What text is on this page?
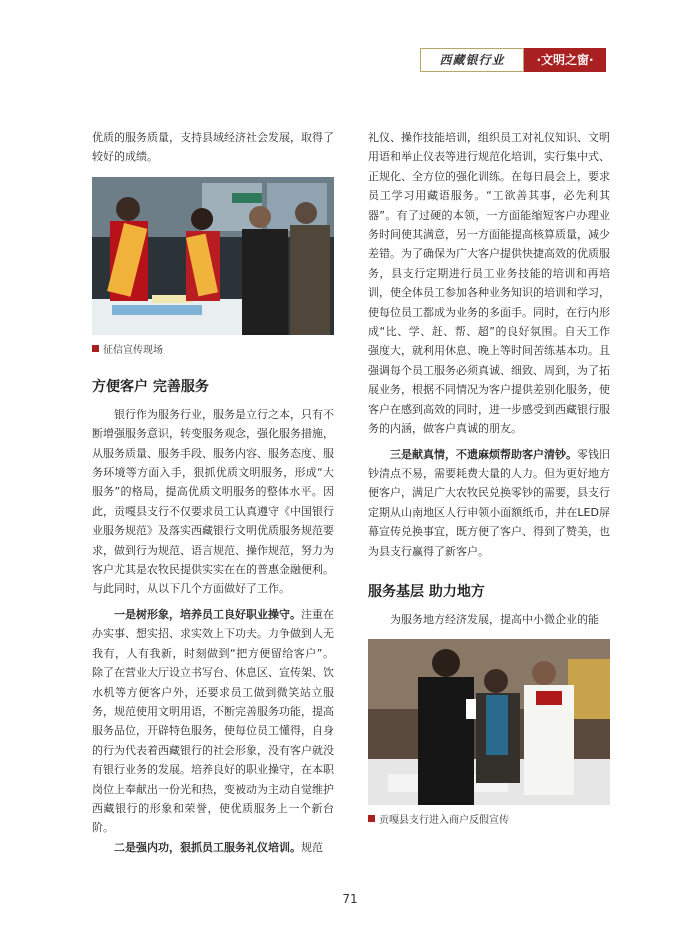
西藏银行业	·文明之窗·

优质的服务质量，支持县域经济社会发展，取得了较好的成绩。

征信宣传现场
方便客户 完善服务

银行作为服务行业，服务是立行之本，只有不断增强服务意识，转变服务观念，强化服务措施，从服务质量、服务手段、服务内容、服务态度、服务环境等方面入手，狠抓优质文明服务，形成“大服务”的格局，提高优质文明服务的整体水平。因此，贡嘎县支行不仅要求员工认真遵守《中国银行业服务规范》及落实西藏银行文明优质服务规范要求，做到行为规范、语言规范、操作规范，努力为客户尤其是农牧民提供实实在在的普惠金融便利。与此同时，从以下几个方面做好了工作。

一是树形象，培养员工良好职业操守。注重在办实事、想实招、求实效上下功夫。力争做到人无我有，人有我新，时刻做到“把方便留给客户”。除了在营业大厅设立书写台、休息区、宣传架、饮水机等方便客户外，还要求员工做到微笑站立服务，规范使用文明用语，不断完善服务功能，提高服务品位，开辟特色服务，使每位员工懂得，自身的行为代表着西藏银行的社会形象，没有客户就没有银行业务的发展。培养良好的职业操守，在本职岗位上奉献出一份光和热，变被动为主动自觉维护西藏银行的形象和荣誉，使优质服务上一个新台阶。

二是强内功，狠抓员工服务礼仪培训。规范

礼仪、操作技能培训，组织员工对礼仪知识、文明用语和举止仪表等进行规范化培训，实行集中式、正规化、全方位的强化训练。在每日晨会上，要求员工学习用藏语服务。“工欲善其事，必先利其器”。有了过硬的本领，一方面能缩短客户办理业务时间使其满意，另一方面能提高核算质量，减少差错。为了确保为广大客户提供快捷高效的优质服务，县支行定期进行员工业务技能的培训和再培训，使全体员工参加各种业务知识的培训和学习，使每位员工都成为业务的多面手。同时，在行内形成“比、学、赶、帮、超”的良好氛围。自天工作强度大，就利用休息、晚上等时间苦练基本功。且强调每个员工服务必须真诚、细致、周到，为了拓展业务，根据不同情况为客户提供差别化服务，使客户在感到高效的同时，进一步感受到西藏银行服务的内涵，做客户真诚的朋友。

三是献真情，不遗麻烦帮助客户清钞。零钱旧钞清点不易，需要耗费大量的人力。但为更好地方便客户，满足广大农牧民兑换零钞的需要，县支行定期从山南地区人行申领小面额纸币，并在LED屏幕宣传兑换事宜，既方便了客户、得到了赞美，也为县支行赢得了新客户。

服务基层 助力地方

为服务地方经济发展，提高中小微企业的能

贡嘎县支行进入商户反假宣传
71
